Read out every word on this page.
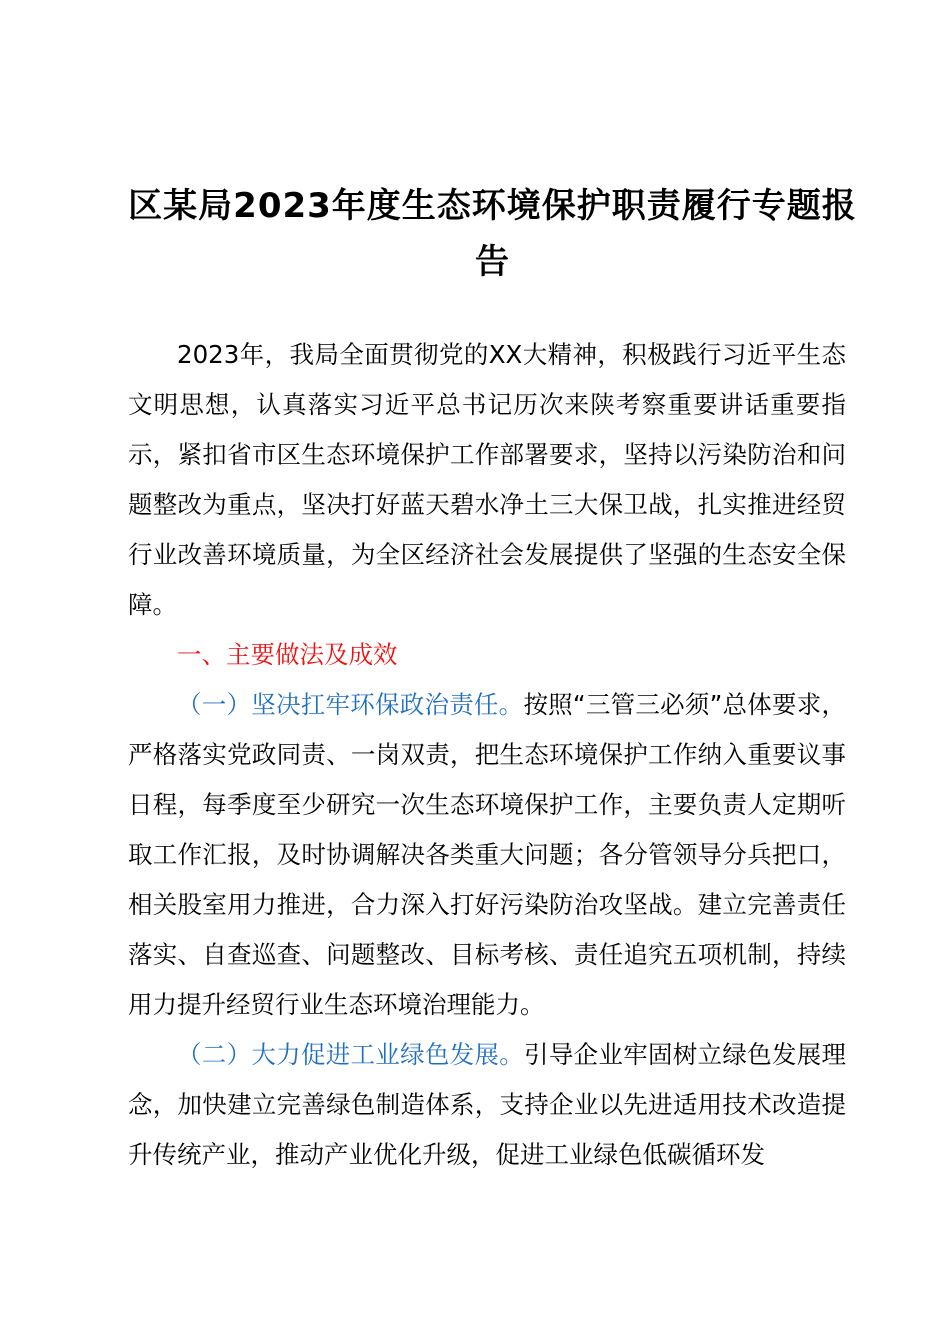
区某局2023年度生态环境保护职责履行专题报告

2023年，我局全面贯彻党的XX大精神，积极践行习近平生态文明思想，认真落实习近平总书记历次来陕考察重要讲话重要指示，紧扣省市区生态环境保护工作部署要求，坚持以污染防治和问题整改为重点，坚决打好蓝天碧水净土三大保卫战，扎实推进经贸行业改善环境质量，为全区经济社会发展提供了坚强的生态安全保障。

一、主要做法及成效

（一）坚决扛牢环保政治责任。按照“三管三必须”总体要求，严格落实党政同责、一岗双责，把生态环境保护工作纳入重要议事日程，每季度至少研究一次生态环境保护工作，主要负责人定期听取工作汇报，及时协调解决各类重大问题；各分管领导分兵把口，相关股室用力推进，合力深入打好污染防治攻坚战。建立完善责任落实、自查巡查、问题整改、目标考核、责任追究五项机制，持续用力提升经贸行业生态环境治理能力。

（二）大力促进工业绿色发展。引导企业牢固树立绿色发展理念，加快建立完善绿色制造体系，支持企业以先进适用技术改造提升传统产业，推动产业优化升级，促进工业绿色低碳循环发
